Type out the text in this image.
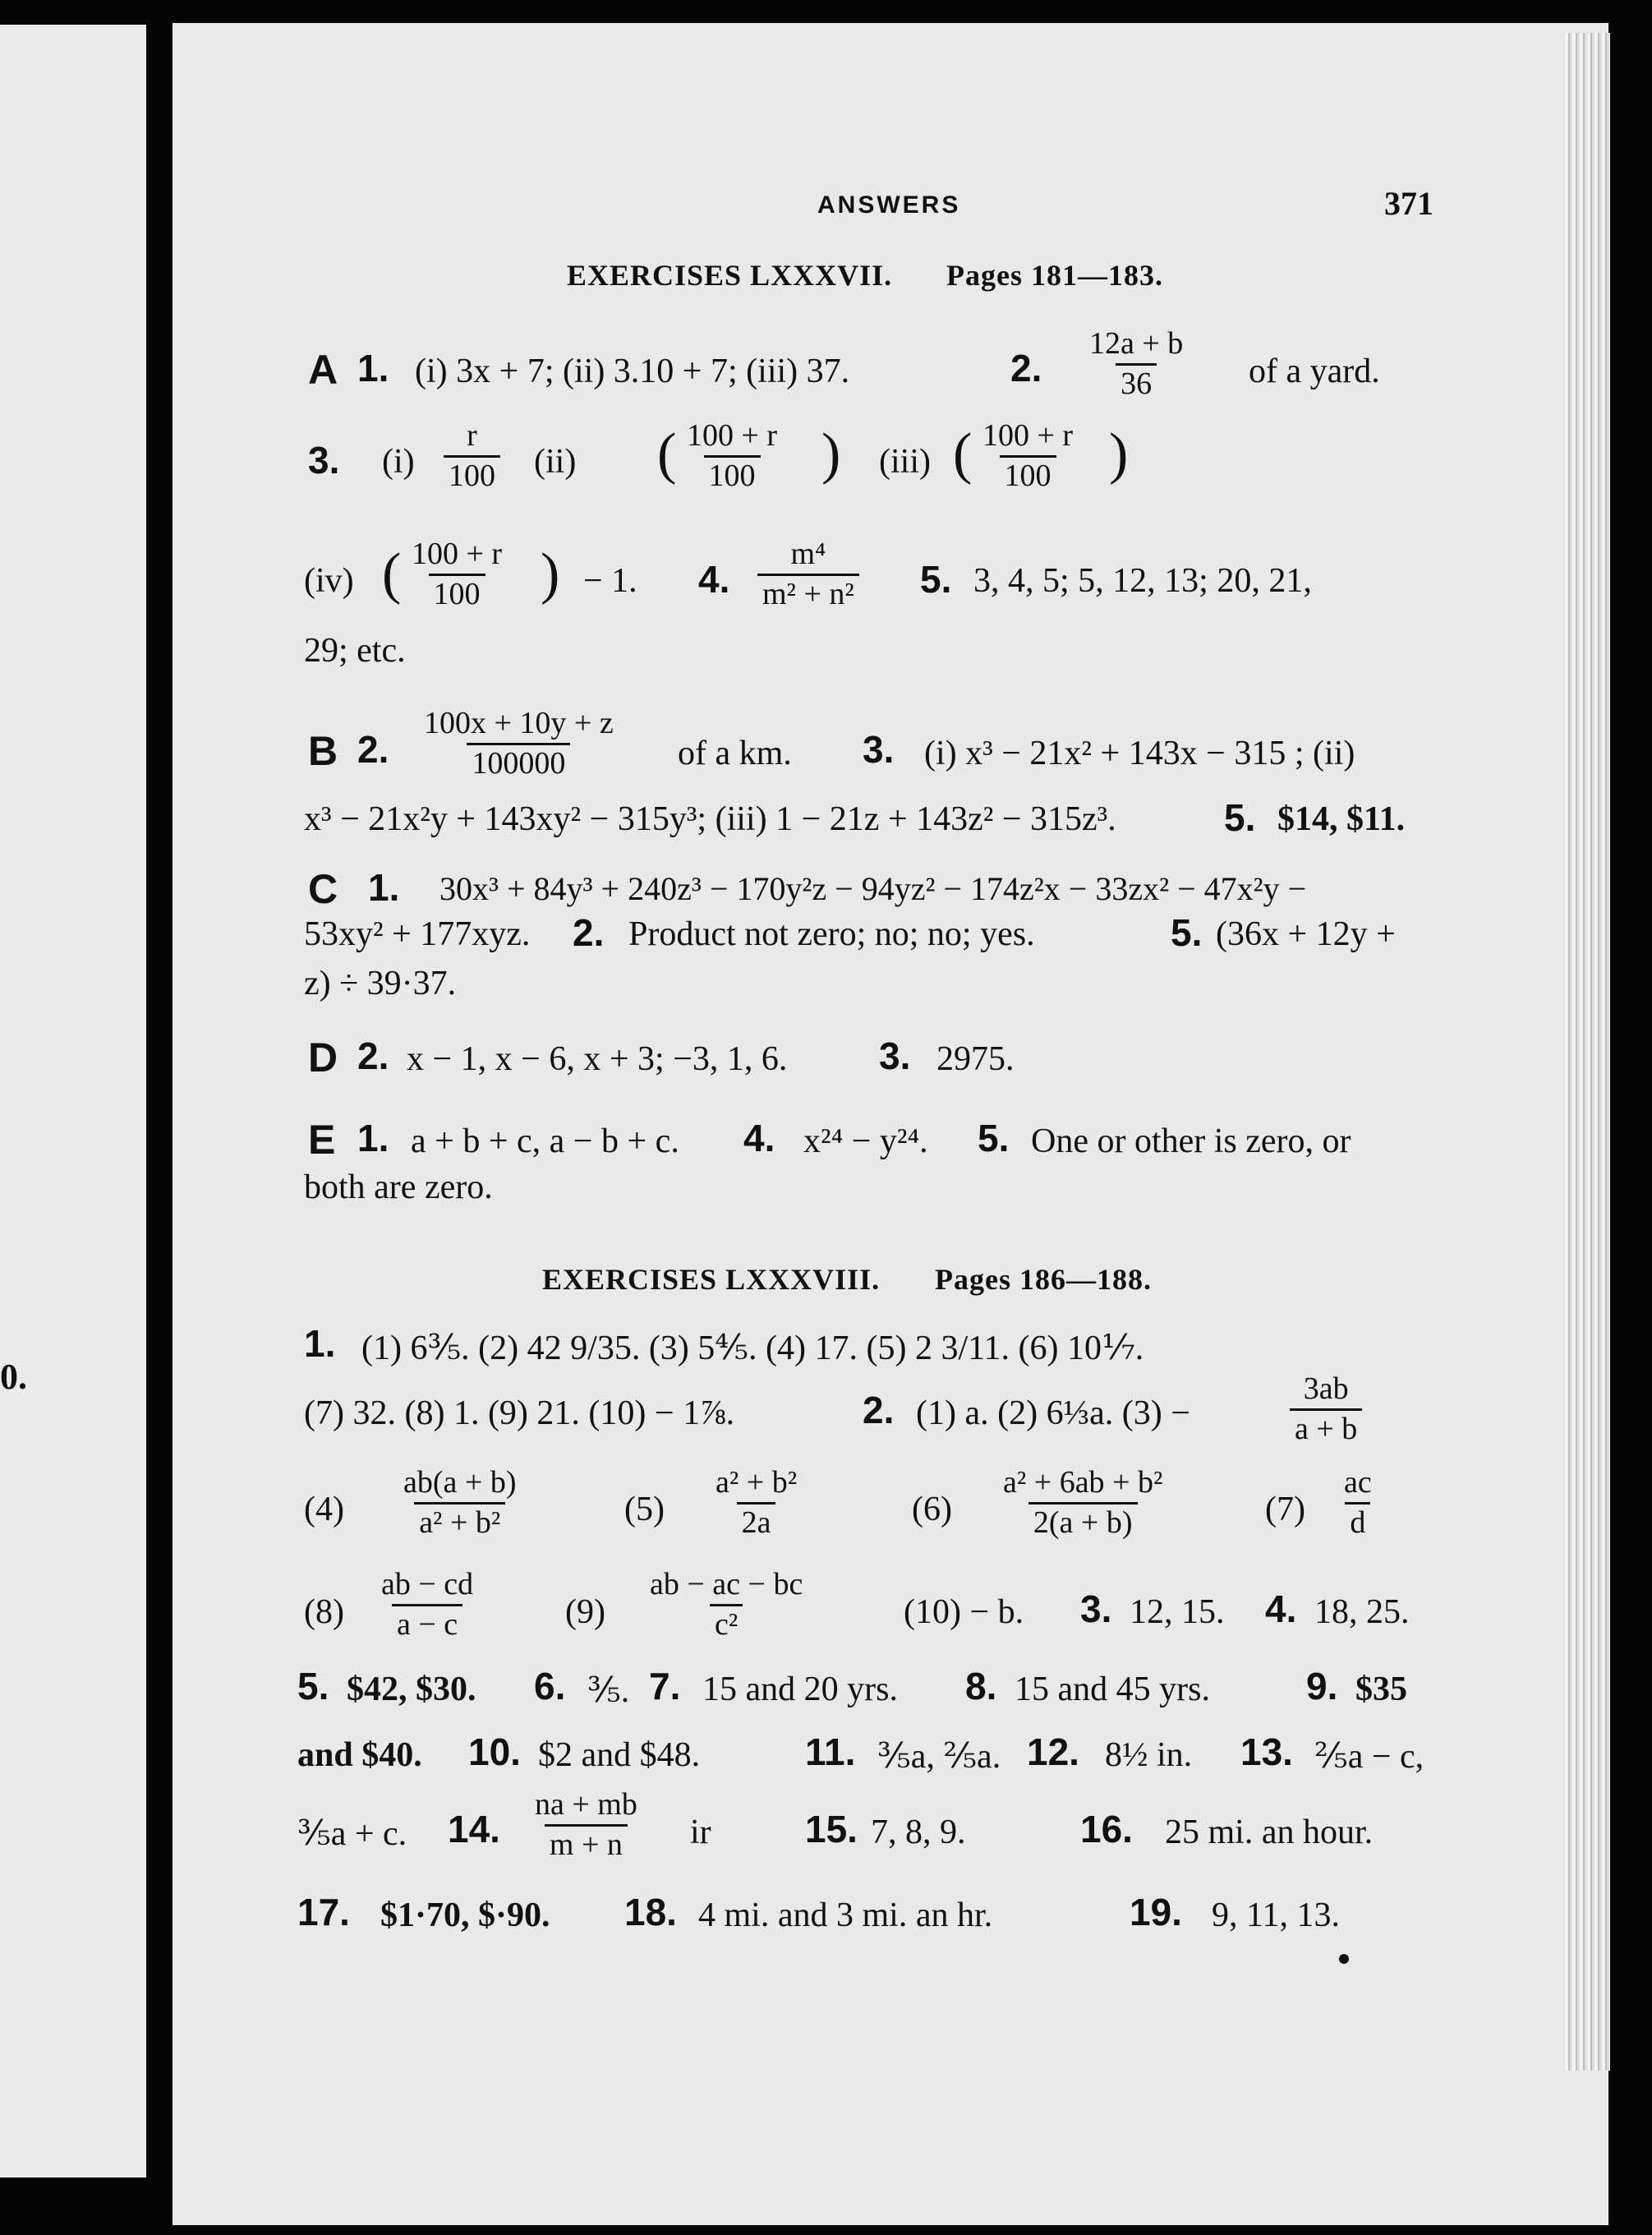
0.
ANSWERS	371
EXERCISES LXXXVII. Pages 181—183.
A 1. (i) 3x + 7; (ii) 3.10 + 7; (iii) 37.	2. $\frac{12a + b}{36}$ of a yard.
3. $(i) \frac{r}{100} (ii)$ ( $\frac{100 + r}{100}$ ) (iii) ( $\frac{100 + r}{100}$ )
(iv) ( $\frac{100 + r}{100}$ ) − 1. 4. $\frac{\text{m⁴}}{\text{m² + n²}} 5$. 3, 4, 5; 5, 12, 13; 20, 21,
29; etc.
B 2. $\frac{100x + 10y + z}{100000}$ of a km. 3. (i) x³ − 21x² + 143x − 315 ; (ii)
x³ − 21x²y + 143xy² − 315y³; (iii) 1 − 21z + 143z² − 315z³.	5. $14, $11.
C 1. 30x³ + 84y³ + 240z³ − 170y²z − 94yz² − 174z²x − 33zx² − 47x²y −
53xy² + 177xyz. 2. Product not zero; no; no; yes.	5. (36x + 12y +
z) ÷ 39·37.
D 2. x − 1, x − 6, x + 3; −3, 1, 6. 3. 2975.
E 1. a + b + c, a − b + c. 4. x²⁴ − y²⁴. 5. One or other is zero, or
both are zero.
EXERCISES LXXXVIII. Pages 186—188.
1. (1) 6⅗. (2) 42 9/35. (3) 5⅘. (4) 17. (5) 2 3/11. (6) 10⅐.
(7) 32. (8) 1. (9) 21. (10) − 1⅞.	2. (1) a. (2) 6⅓a. (3) −	$\frac{3ab}{a + b}$
$(4) \frac{ab(a + b)}{\text{a² + b²}}$	$(5) \frac{\text{a² + b²}}{2a}$	$(6) \frac{\text{a² + 6ab + b²}}{2(a + b)}$	$(7) \frac{ac}{d}$
$(8) \frac{ab - cd}{a - c}$	$(9) \frac{ab - ac - bc}{\text{c²}}$	(10) − b. 3. 12, 15. 4. 18, 25.
5. $42, $30. 6. ⅗. 7. 15 and 20 yrs. 8. 15 and 45 yrs.	9. $35
and $40. 10. $2 and $48.	11. ⅗a, ⅖a. 12. 8½ in. 13. ⅖a − c,
⅗a + c. 14. $\frac{na + mb}{m + n}$ ir 15. 7, 8, 9.	16. 25 mi. an hour.
17. $1·70, $·90. 18. 4 mi. and 3 mi. an hr.	19. 9, 11, 13.
